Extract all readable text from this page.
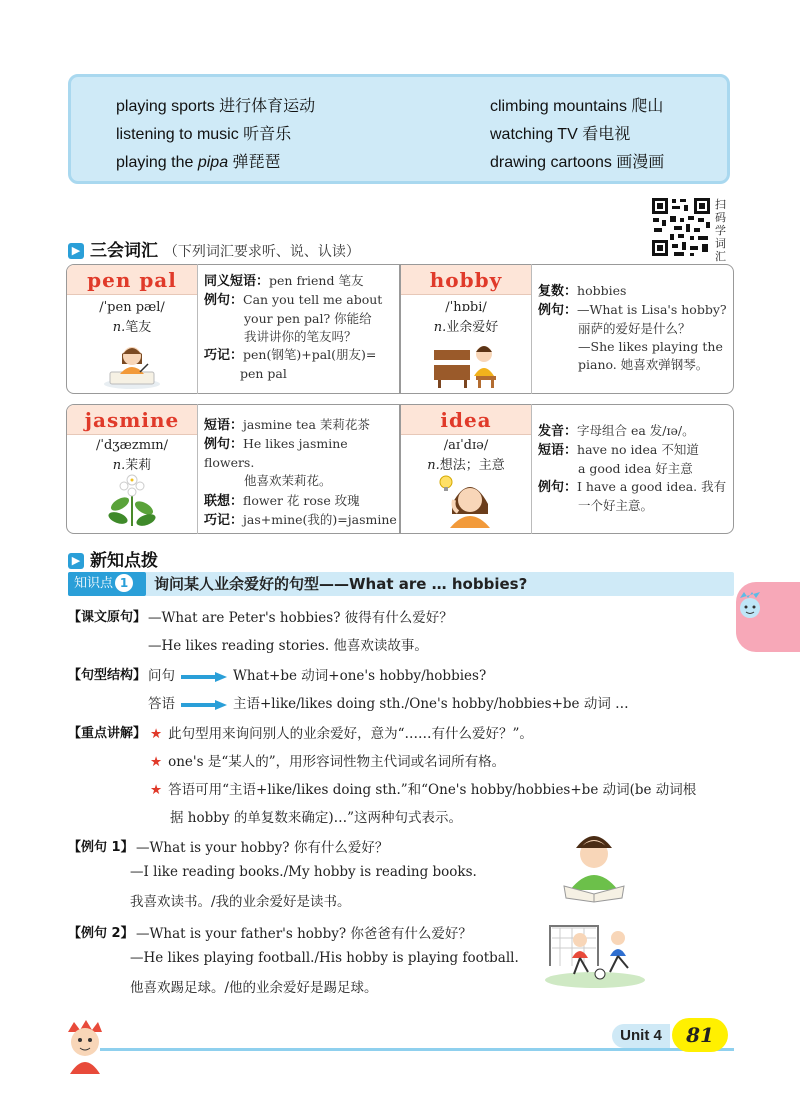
playing sports 进行体育运动
listening to music 听音乐
playing the pipa 弹琵琶
climbing mountains 爬山
watching TV 看电视
drawing cartoons 画漫画
扫码学词汇
▶ 三会词汇 （下列词汇要求听、说、认读）
pen pal
/ˈpen pæl/
n.笔友
同义短语：pen friend 笔友
例句：Can you tell me about
your pen pal? 你能给
我讲讲你的笔友吗？
巧记：pen(钢笔)+pal(朋友)=
pen pal
hobby
/ˈhɒbi/
n.业余爱好
复数：hobbies
例句：—What is Lisa's hobby?
丽萨的爱好是什么？
—She likes playing the
piano. 她喜欢弹钢琴。
jasmine
/ˈdʒæzmɪn/
n.茉莉
短语：jasmine tea 茉莉花茶
例句：He likes jasmine flowers.
他喜欢茉莉花。
联想：flower 花 rose 玫瑰
巧记：jas+mine(我的)=jasmine
idea
/aɪˈdɪə/
n.想法；主意
发音：字母组合 ea 发/ɪə/。
短语：have no idea 不知道
a good idea 好主意
例句：I have a good idea. 我有
一个好主意。
▶ 新知点拨
知识点 1	询问某人业余爱好的句型——What are … hobbies?
【课文原句】 —What are Peter's hobbies? 彼得有什么爱好？
—He likes reading stories. 他喜欢读故事。
【句型结构】 问句	What+be 动词+one's hobby/hobbies?
答语	主语+like/likes doing sth./One's hobby/hobbies+be 动词 …
【重点讲解】 ★ 此句型用来询问别人的业余爱好，意为“……有什么爱好？”。
★ one's 是“某人的”，用形容词性物主代词或名词所有格。
★ 答语可用“主语+like/likes doing sth.”和“One's hobby/hobbies+be 动词(be 动词根
据 hobby 的单复数来确定)…”这两种句式表示。
【例句 1】 —What is your hobby? 你有什么爱好？
—I like reading books./My hobby is reading books.
我喜欢读书。/我的业余爱好是读书。
【例句 2】 —What is your father's hobby? 你爸爸有什么爱好？
—He likes playing football./His hobby is playing football.
他喜欢踢足球。/他的业余爱好是踢足球。
Unit 4	81
